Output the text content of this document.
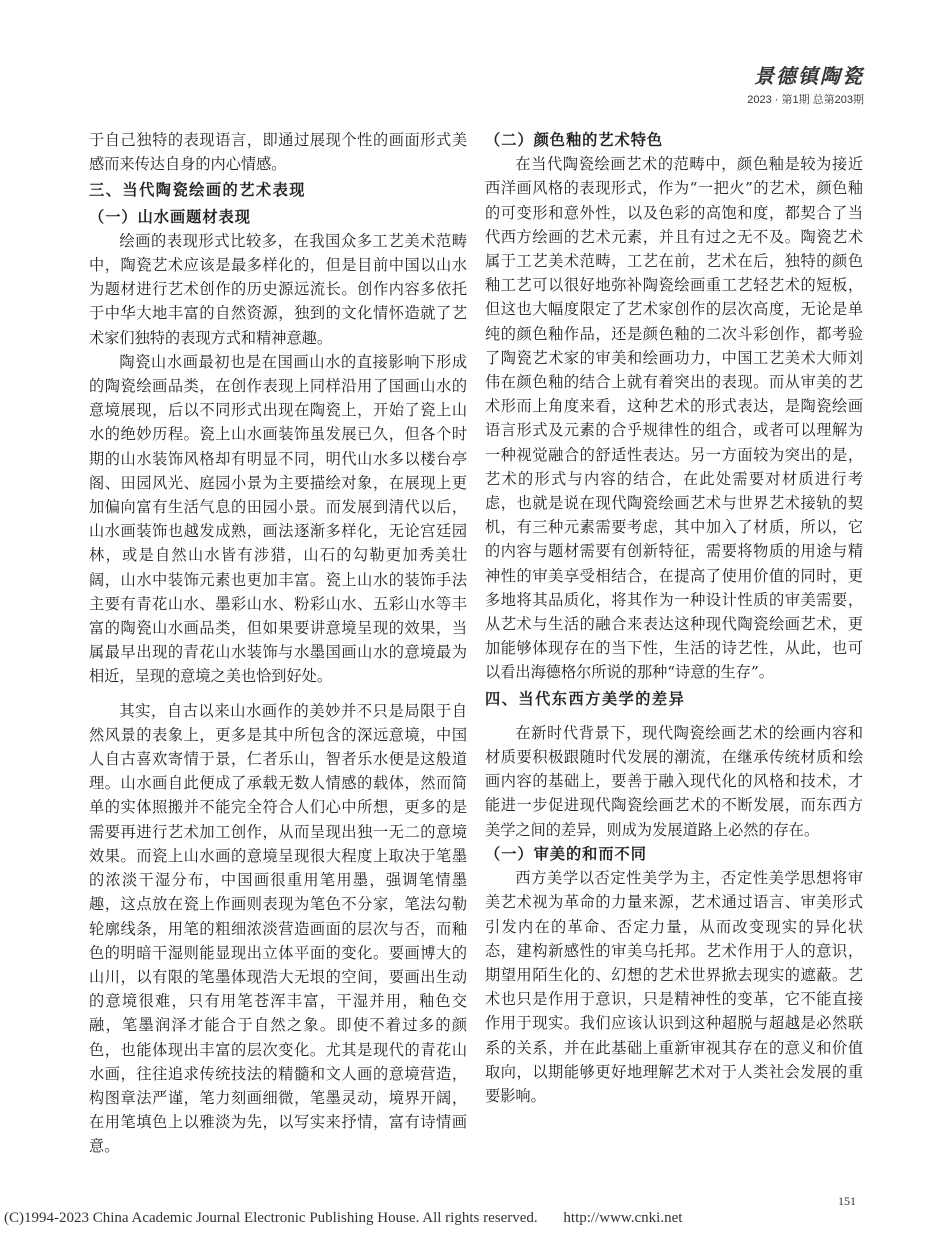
景德镇陶瓷
2023 · 第1期 总第203期

于自己独特的表现语言，即通过展现个性的画面形式美感而来传达自身的内心情感。

三、当代陶瓷绘画的艺术表现
（一）山水画题材表现

绘画的表现形式比较多，在我国众多工艺美术范畴中，陶瓷艺术应该是最多样化的，但是目前中国以山水为题材进行艺术创作的历史源远流长。创作内容多依托于中华大地丰富的自然资源，独到的文化情怀造就了艺术家们独特的表现方式和精神意趣。

陶瓷山水画最初也是在国画山水的直接影响下形成的陶瓷绘画品类，在创作表现上同样沿用了国画山水的意境展现，后以不同形式出现在陶瓷上，开始了瓷上山水的绝妙历程。瓷上山水画装饰虽发展已久，但各个时期的山水装饰风格却有明显不同，明代山水多以楼台亭阁、田园风光、庭园小景为主要描绘对象，在展现上更加偏向富有生活气息的田园小景。而发展到清代以后，山水画装饰也越发成熟，画法逐渐多样化，无论宫廷园林，或是自然山水皆有涉猎，山石的勾勒更加秀美壮阔，山水中装饰元素也更加丰富。瓷上山水的装饰手法主要有青花山水、墨彩山水、粉彩山水、五彩山水等丰富的陶瓷山水画品类，但如果要讲意境呈现的效果，当属最早出现的青花山水装饰与水墨国画山水的意境最为相近，呈现的意境之美也恰到好处。

其实，自古以来山水画作的美妙并不只是局限于自然风景的表象上，更多是其中所包含的深远意境，中国人自古喜欢寄情于景，仁者乐山，智者乐水便是这般道理。山水画自此便成了承载无数人情感的载体，然而简单的实体照搬并不能完全符合人们心中所想，更多的是需要再进行艺术加工创作，从而呈现出独一无二的意境效果。而瓷上山水画的意境呈现很大程度上取决于笔墨的浓淡干湿分布，中国画很重用笔用墨，强调笔情墨趣，这点放在瓷上作画则表现为笔色不分家，笔法勾勒轮廓线条，用笔的粗细浓淡营造画面的层次与否，而釉色的明暗干湿则能显现出立体平面的变化。要画博大的山川，以有限的笔墨体现浩大无垠的空间，要画出生动的意境很难，只有用笔苍浑丰富，干湿并用，釉色交融，笔墨润泽才能合于自然之象。即使不着过多的颜色，也能体现出丰富的层次变化。尤其是现代的青花山水画，往往追求传统技法的精髓和文人画的意境营造，构图章法严谨，笔力刻画细微，笔墨灵动，境界开阔，在用笔填色上以雅淡为先，以写实来抒情，富有诗情画意。

（二）颜色釉的艺术特色

在当代陶瓷绘画艺术的范畴中，颜色釉是较为接近西洋画风格的表现形式，作为“一把火”的艺术，颜色釉的可变形和意外性，以及色彩的高饱和度，都契合了当代西方绘画的艺术元素，并且有过之无不及。陶瓷艺术属于工艺美术范畴，工艺在前，艺术在后，独特的颜色釉工艺可以很好地弥补陶瓷绘画重工艺轻艺术的短板，但这也大幅度限定了艺术家创作的层次高度，无论是单纯的颜色釉作品，还是颜色釉的二次斗彩创作，都考验了陶瓷艺术家的审美和绘画功力，中国工艺美术大师刘伟在颜色釉的结合上就有着突出的表现。而从审美的艺术形而上角度来看，这种艺术的形式表达，是陶瓷绘画语言形式及元素的合乎规律性的组合，或者可以理解为一种视觉融合的舒适性表达。另一方面较为突出的是，艺术的形式与内容的结合，在此处需要对材质进行考虑，也就是说在现代陶瓷绘画艺术与世界艺术接轨的契机，有三种元素需要考虑，其中加入了材质，所以，它的内容与题材需要有创新特征，需要将物质的用途与精神性的审美享受相结合，在提高了使用价值的同时，更多地将其品质化，将其作为一种设计性质的审美需要，从艺术与生活的融合来表达这种现代陶瓷绘画艺术，更加能够体现存在的当下性，生活的诗艺性，从此，也可以看出海德格尔所说的那种“诗意的生存”。

四、当代东西方美学的差异

在新时代背景下，现代陶瓷绘画艺术的绘画内容和材质要积极跟随时代发展的潮流，在继承传统材质和绘画内容的基础上，要善于融入现代化的风格和技术，才能进一步促进现代陶瓷绘画艺术的不断发展，而东西方美学之间的差异，则成为发展道路上必然的存在。

（一）审美的和而不同

西方美学以否定性美学为主，否定性美学思想将审美艺术视为革命的力量来源，艺术通过语言、审美形式引发内在的革命、否定力量，从而改变现实的异化状态，建构新感性的审美乌托邦。艺术作用于人的意识，期望用陌生化的、幻想的艺术世界掀去现实的遮蔽。艺术也只是作用于意识，只是精神性的变革，它不能直接作用于现实。我们应该认识到这种超脱与超越是必然联系的关系，并在此基础上重新审视其存在的意义和价值取向，以期能够更好地理解艺术对于人类社会发展的重要影响。

151
(C)1994-2023 China Academic Journal Electronic Publishing House. All rights reserved. http://www.cnki.net
